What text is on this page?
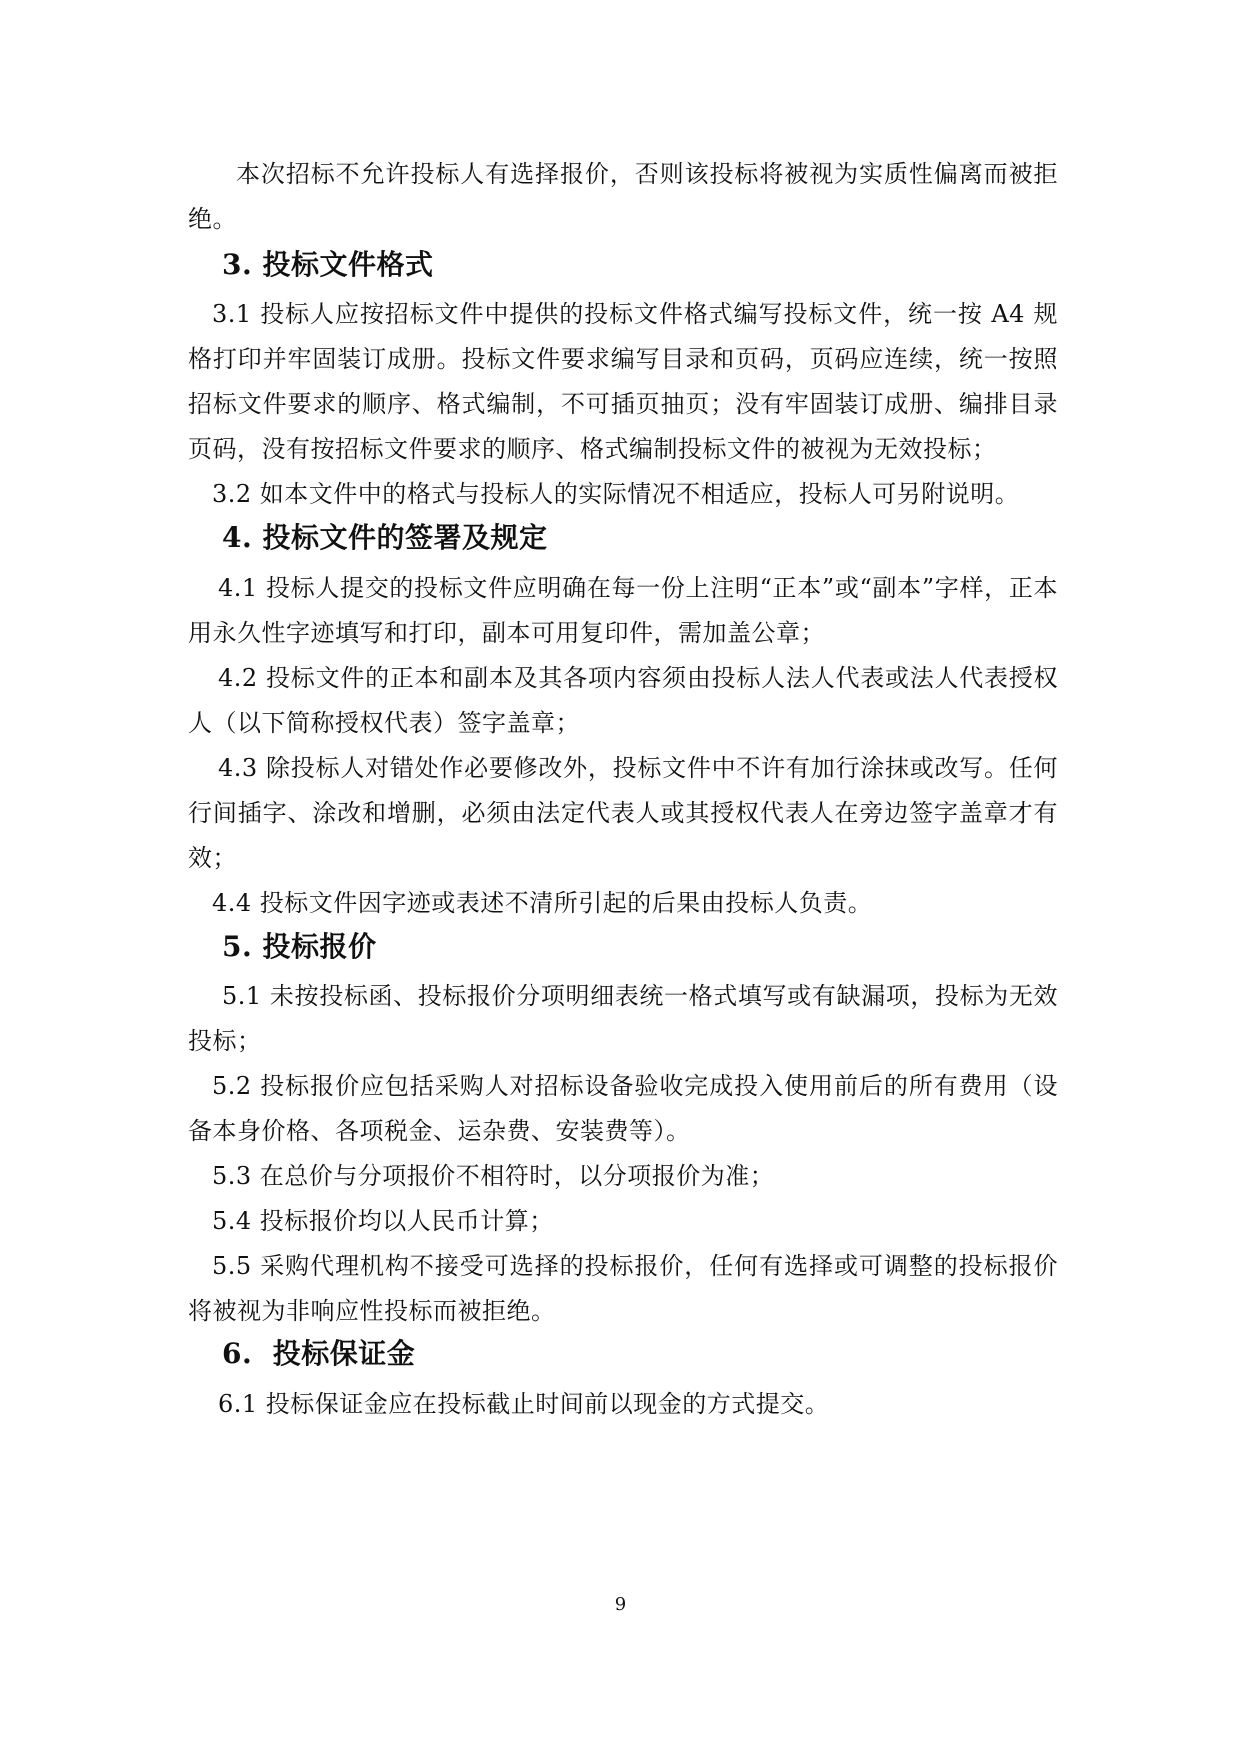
本次招标不允许投标人有选择报价，否则该投标将被视为实质性偏离而被拒绝。

3. 投标文件格式

3.1 投标人应按招标文件中提供的投标文件格式编写投标文件，统一按 A4 规格打印并牢固装订成册。投标文件要求编写目录和页码，页码应连续，统一按照招标文件要求的顺序、格式编制，不可插页抽页；没有牢固装订成册、编排目录页码，没有按招标文件要求的顺序、格式编制投标文件的被视为无效投标；

3.2 如本文件中的格式与投标人的实际情况不相适应，投标人可另附说明。

4. 投标文件的签署及规定

4.1 投标人提交的投标文件应明确在每一份上注明“正本”或“副本”字样，正本用永久性字迹填写和打印，副本可用复印件，需加盖公章；

4.2 投标文件的正本和副本及其各项内容须由投标人法人代表或法人代表授权人（以下简称授权代表）签字盖章；

4.3 除投标人对错处作必要修改外，投标文件中不许有加行涂抹或改写。任何行间插字、涂改和增删，必须由法定代表人或其授权代表人在旁边签字盖章才有效；

4.4 投标文件因字迹或表述不清所引起的后果由投标人负责。

5. 投标报价

5.1 未按投标函、投标报价分项明细表统一格式填写或有缺漏项，投标为无效投标；

5.2 投标报价应包括采购人对招标设备验收完成投入使用前后的所有费用（设备本身价格、各项税金、运杂费、安装费等）。

5.3 在总价与分项报价不相符时，以分项报价为准；

5.4 投标报价均以人民币计算；

5.5 采购代理机构不接受可选择的投标报价，任何有选择或可调整的投标报价将被视为非响应性投标而被拒绝。

6.  投标保证金

6.1 投标保证金应在投标截止时间前以现金的方式提交。

9
